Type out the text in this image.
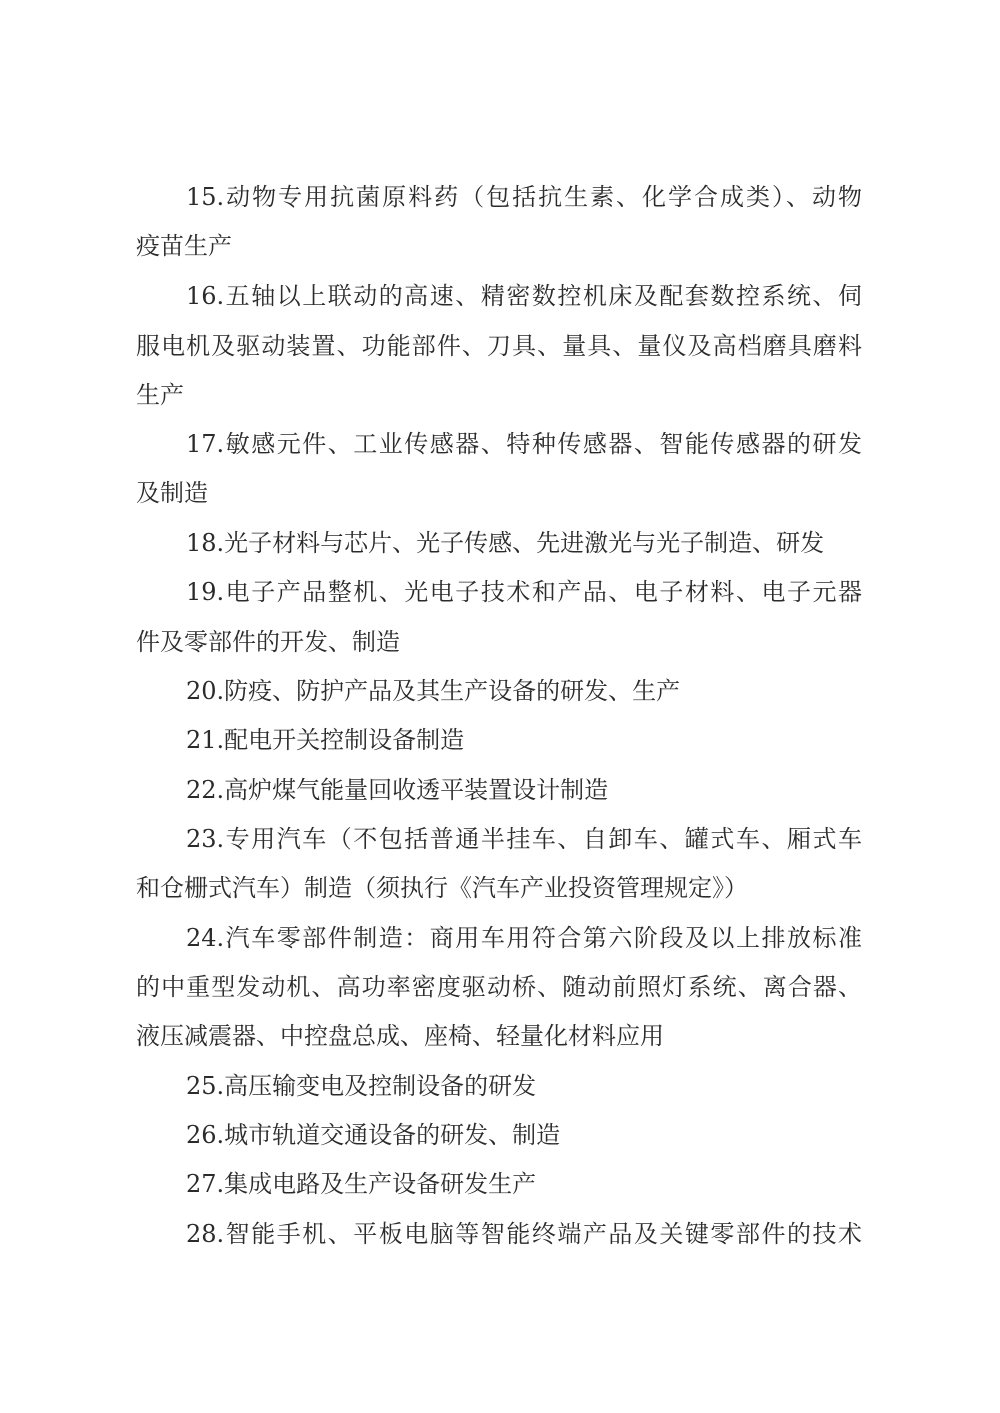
15.动物专用抗菌原料药（包括抗生素、化学合成类）、动物
疫苗生产
16.五轴以上联动的高速、精密数控机床及配套数控系统、伺
服电机及驱动装置、功能部件、刀具、量具、量仪及高档磨具磨料
生产
17.敏感元件、工业传感器、特种传感器、智能传感器的研发
及制造
18.光子材料与芯片、光子传感、先进激光与光子制造、研发
19.电子产品整机、光电子技术和产品、电子材料、电子元器
件及零部件的开发、制造
20.防疫、防护产品及其生产设备的研发、生产
21.配电开关控制设备制造
22.高炉煤气能量回收透平装置设计制造
23.专用汽车（不包括普通半挂车、自卸车、罐式车、厢式车
和仓栅式汽车）制造（须执行《汽车产业投资管理规定》）
24.汽车零部件制造：商用车用符合第六阶段及以上排放标准
的中重型发动机、高功率密度驱动桥、随动前照灯系统、离合器、
液压减震器、中控盘总成、座椅、轻量化材料应用
25.高压输变电及控制设备的研发
26.城市轨道交通设备的研发、制造
27.集成电路及生产设备研发生产
28.智能手机、平板电脑等智能终端产品及关键零部件的技术
